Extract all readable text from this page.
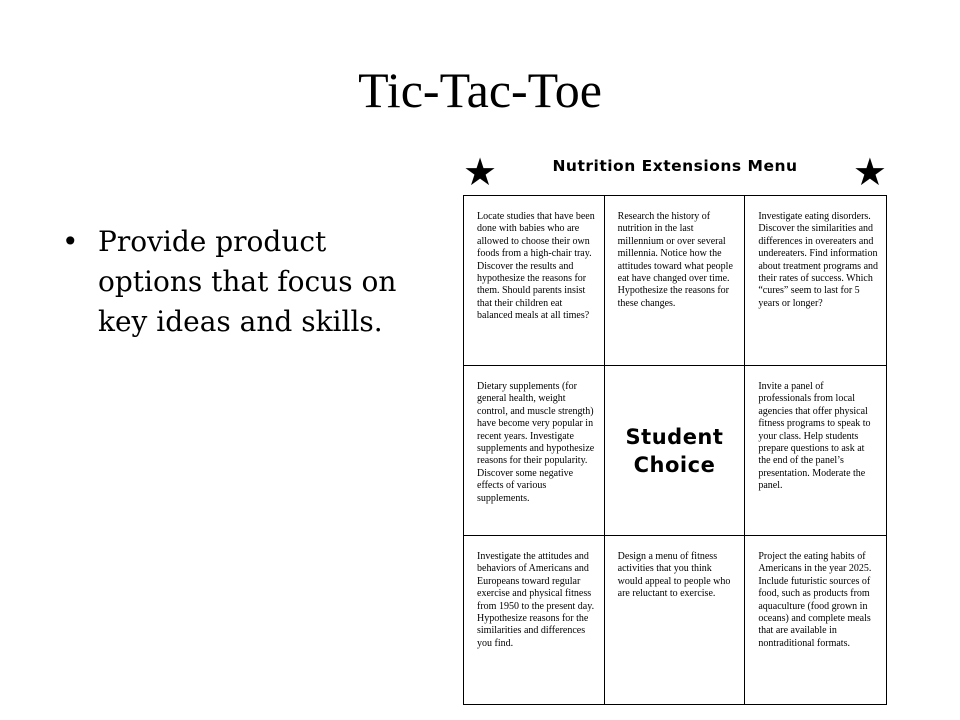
Tic-Tac-Toe
• Provide product options that focus on key ideas and skills.
★	Nutrition Extensions Menu	★
Locate studies that have been done with babies who are allowed to choose their own foods from a high-chair tray. Discover the results and hypothesize the reasons for them. Should parents insist that their children eat balanced meals at all times?
Research the history of nutrition in the last millennium or over several millennia. Notice how the attitudes toward what people eat have changed over time. Hypothesize the reasons for these changes.
Investigate eating disorders. Discover the similarities and differences in overeaters and undereaters. Find information about treatment programs and their rates of success. Which “cures” seem to last for 5 years or longer?
Dietary supplements (for general health, weight control, and muscle strength) have become very popular in recent years. Investigate supplements and hypothesize reasons for their popularity. Discover some negative effects of various supplements.
Student
Choice
Invite a panel of professionals from local agencies that offer physical fitness programs to speak to your class. Help students prepare questions to ask at the end of the panel’s presentation. Moderate the panel.
Investigate the attitudes and behaviors of Americans and Europeans toward regular exercise and physical fitness from 1950 to the present day. Hypothesize reasons for the similarities and differences you find.
Design a menu of fitness activities that you think would appeal to people who are reluctant to exercise.
Project the eating habits of Americans in the year 2025. Include futuristic sources of food, such as products from aquaculture (food grown in oceans) and complete meals that are available in nontraditional formats.
